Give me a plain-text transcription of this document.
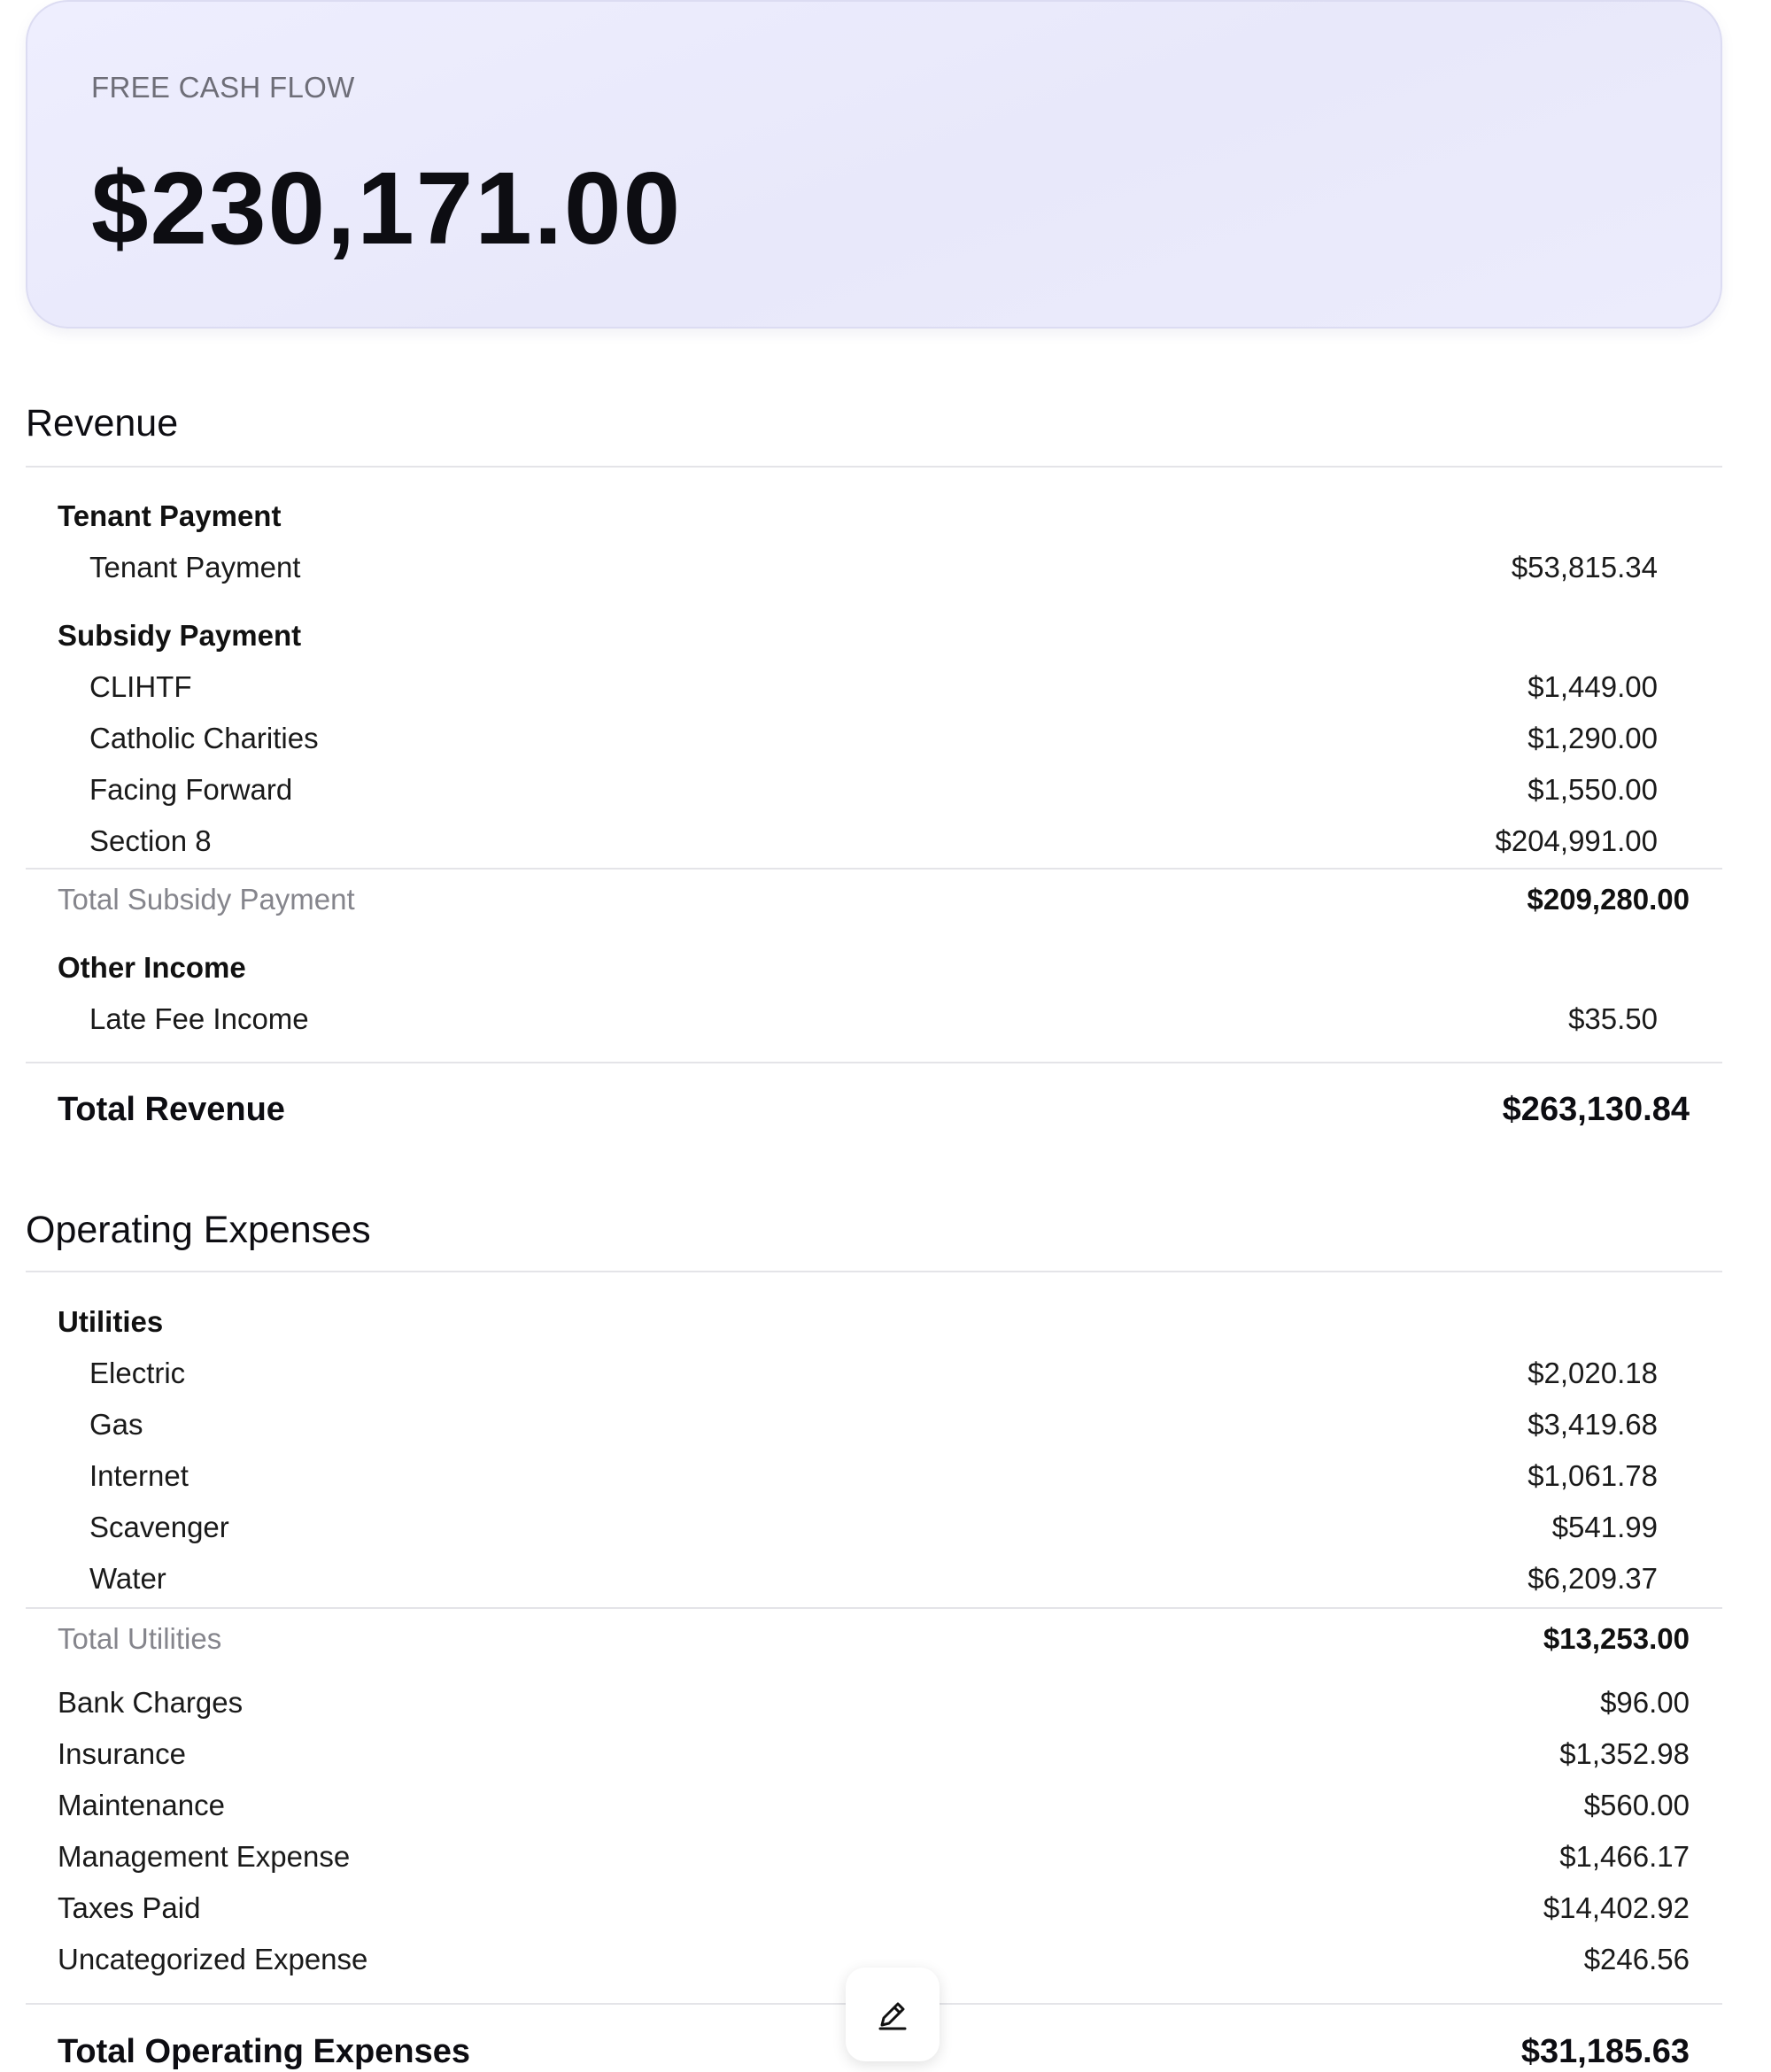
FREE CASH FLOW
$230,171.00
Revenue
Tenant Payment
Tenant Payment	$53,815.34
Subsidy Payment
CLIHTF	$1,449.00
Catholic Charities	$1,290.00
Facing Forward	$1,550.00
Section 8	$204,991.00
Total Subsidy Payment	$209,280.00
Other Income
Late Fee Income	$35.50
Total Revenue	$263,130.84
Operating Expenses
Utilities
Electric	$2,020.18
Gas	$3,419.68
Internet	$1,061.78
Scavenger	$541.99
Water	$6,209.37
Total Utilities	$13,253.00
Bank Charges	$96.00
Insurance	$1,352.98
Maintenance	$560.00
Management Expense	$1,466.17
Taxes Paid	$14,402.92
Uncategorized Expense	$246.56
Total Operating Expenses	$31,185.63
